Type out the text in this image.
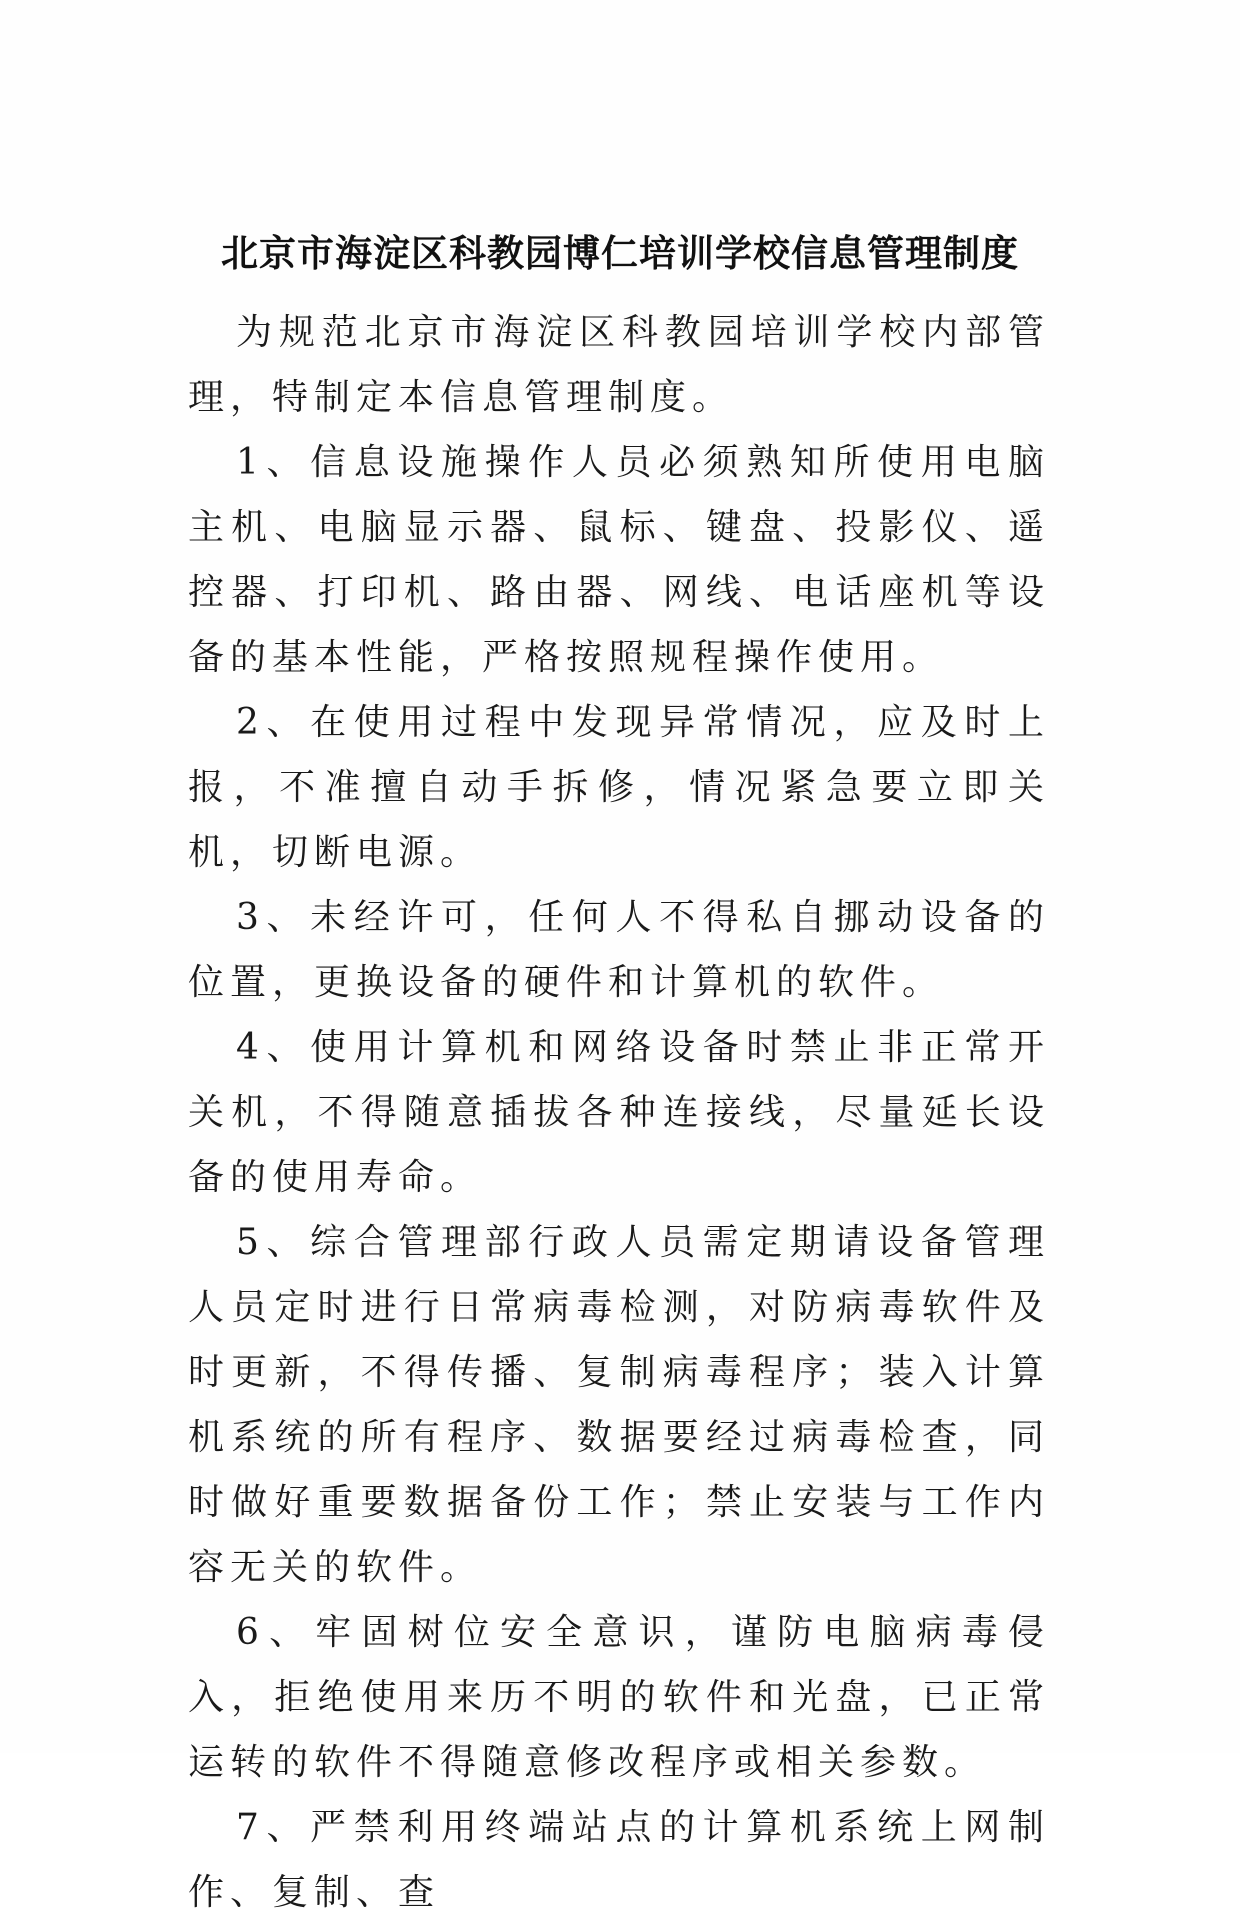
北京市海淀区科教园博仁培训学校信息管理制度

为规范北京市海淀区科教园培训学校内部管理，特制定本信息管理制度。

1、信息设施操作人员必须熟知所使用电脑主机、电脑显示器、鼠标、键盘、投影仪、遥控器、打印机、路由器、网线、电话座机等设备的基本性能，严格按照规程操作使用。

2、在使用过程中发现异常情况，应及时上报，不准擅自动手拆修，情况紧急要立即关机，切断电源。

3、未经许可，任何人不得私自挪动设备的位置，更换设备的硬件和计算机的软件。

4、使用计算机和网络设备时禁止非正常开关机，不得随意插拔各种连接线，尽量延长设备的使用寿命。

5、综合管理部行政人员需定期请设备管理人员定时进行日常病毒检测，对防病毒软件及时更新，不得传播、复制病毒程序；装入计算机系统的所有程序、数据要经过病毒检查，同时做好重要数据备份工作；禁止安装与工作内容无关的软件。

6、牢固树位安全意识，谨防电脑病毒侵入，拒绝使用来历不明的软件和光盘，已正常运转的软件不得随意修改程序或相关参数。

7、严禁利用终端站点的计算机系统上网制作、复制、查
